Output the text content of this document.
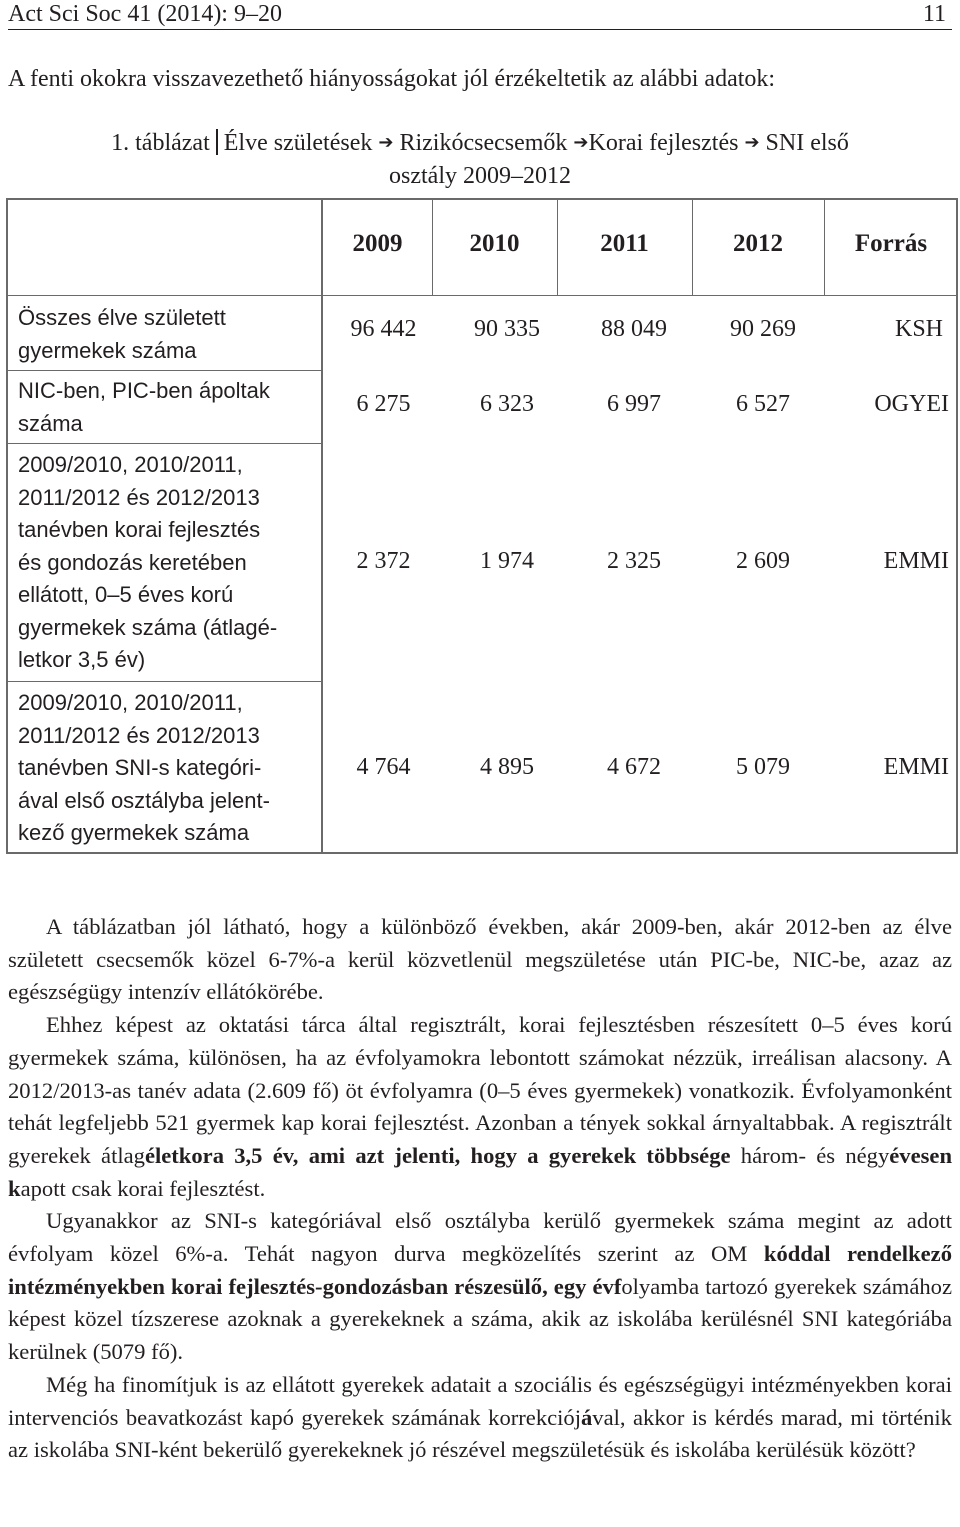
Act Sci Soc 41 (2014): 9–20	11
A fenti okokra visszavezethető hiányosságokat jól érzékeltetik az alábbi adatok:
1. táblázat Élve születések ➔ Rizikócsecsemők ➔Korai fejlesztés ➔ SNI első
osztály 2009–2012
2009	2010	2011	2012	Forrás
Összes élve született
gyermekek száma
96 442	90 335	88 049	90 269	KSH
NIC-ben, PIC-ben ápoltak
száma
6 275	6 323	6 997	6 527	OGYEI
2009/2010, 2010/2011,
2011/2012 és 2012/2013
tanévben korai fejlesztés
és gondozás keretében
ellátott, 0–5 éves korú
gyermekek száma (átlagé-
letkor 3,5 év)
2 372	1 974	2 325	2 609	EMMI
2009/2010, 2010/2011,
2011/2012 és 2012/2013
tanévben SNI-s kategóri-
ával első osztályba jelent-
kező gyermekek száma
4 764	4 895	4 672	5 079	EMMI

A táblázatban jól látható, hogy a különböző években, akár 2009-ben, akár 2012-ben az élve született csecsemők közel 6-7%-a kerül közvetlenül megszületése után PIC-be, NIC-be, azaz az egészségügy intenzív ellátókörébe.

Ehhez képest az oktatási tárca által regisztrált, korai fejlesztésben részesített 0–5 éves korú gyermekek száma, különösen, ha az évfolyamokra lebontott számokat nézzük, irreálisan alacsony. A 2012/2013-as tanév adata (2.609 fő) öt évfolyamra (0–5 éves gyermekek) vonatkozik. Évfolyamonként tehát legfeljebb 521 gyermek kap korai fejlesztést. Azonban a tények sokkal árnyaltabbak. A regisztrált gyerekek átlagéletkora 3,5 év, ami azt jelenti, hogy a gyerekek többsége három- és négyévesen kapott csak korai fejlesztést.

Ugyanakkor az SNI-s kategóriával első osztályba kerülő gyermekek száma megint az adott évfolyam közel 6%-a. Tehát nagyon durva megközelítés szerint az OM kóddal rendelkező intézményekben korai fejlesztés-gondozásban részesülő, egy évfolyamba tartozó gyerekek számához képest közel tízszerese azoknak a gyerekeknek a száma, akik az iskolába kerülésnél SNI kategóriába kerülnek (5079 fő).

Még ha finomítjuk is az ellátott gyerekek adatait a szociális és egészségügyi intézményekben korai intervenciós beavatkozást kapó gyerekek számának korrekciójával, akkor is kérdés marad, mi történik az iskolába SNI-ként bekerülő gyerekeknek jó részével megszületésük és iskolába kerülésük között?
